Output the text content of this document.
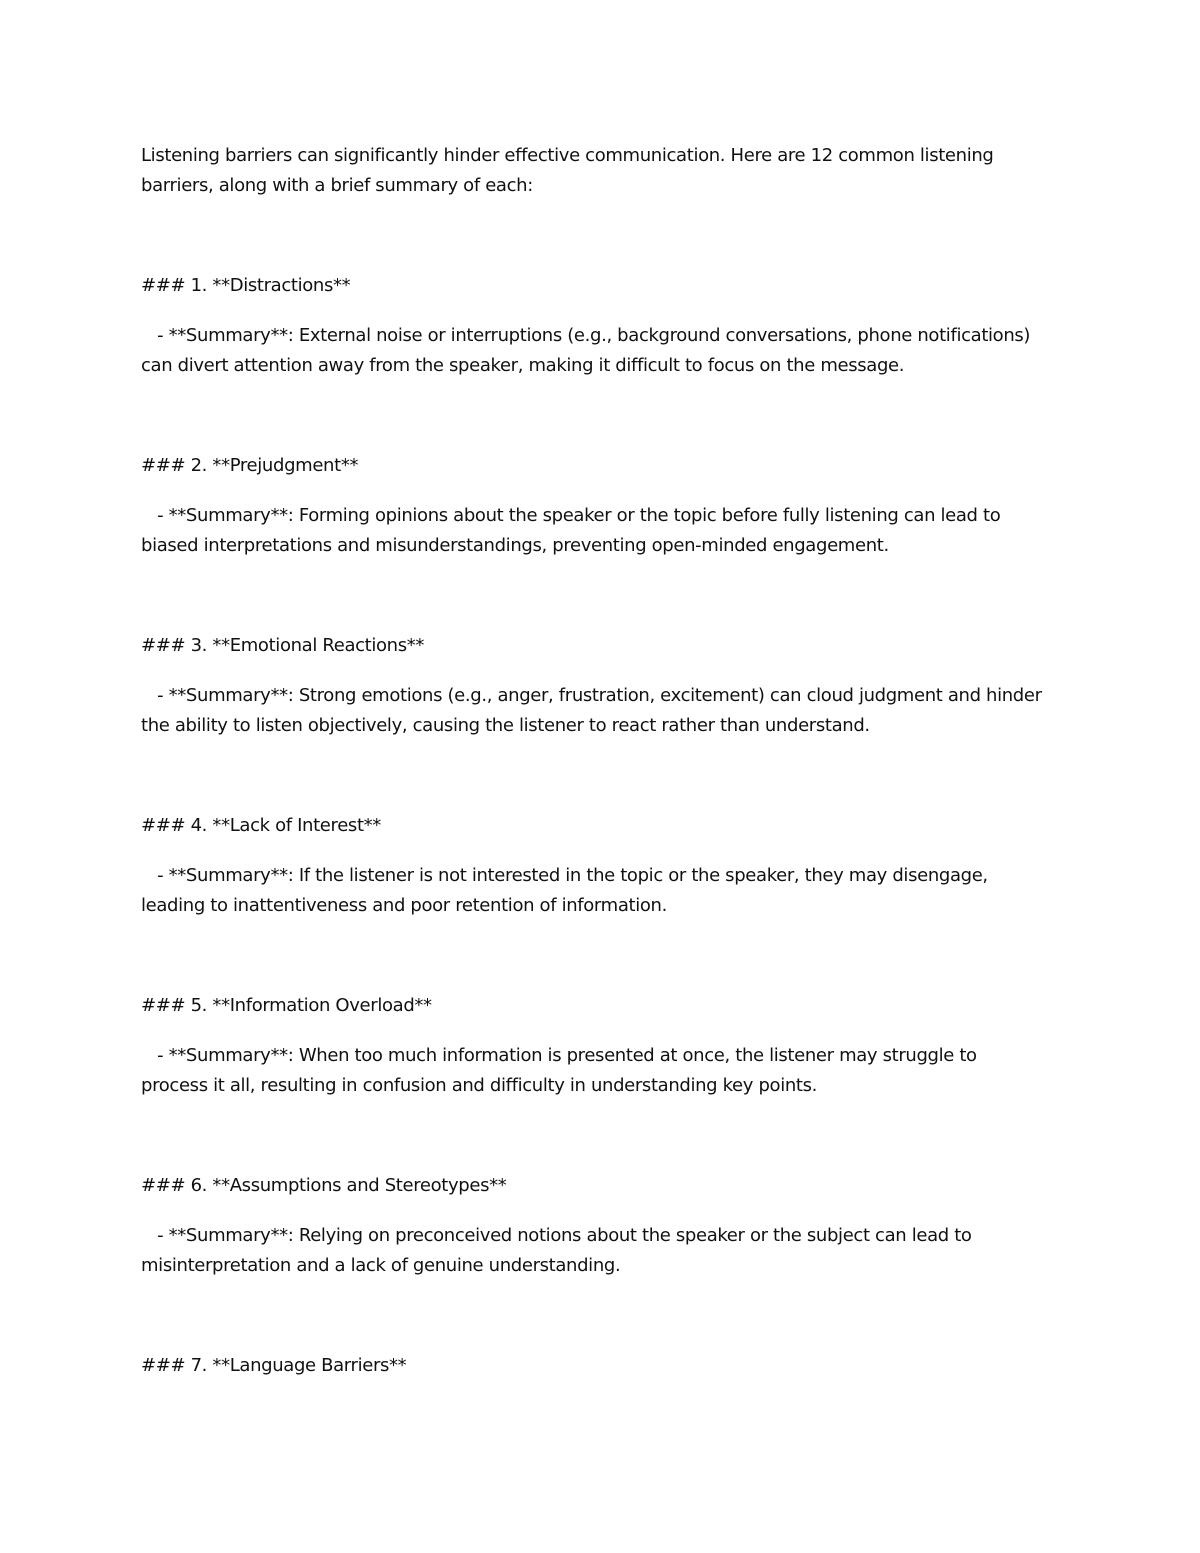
Listening barriers can significantly hinder effective communication. Here are 12 common listening
barriers, along with a brief summary of each:
### 1. **Distractions**
- **Summary**: External noise or interruptions (e.g., background conversations, phone notifications)
can divert attention away from the speaker, making it difficult to focus on the message.
### 2. **Prejudgment**
- **Summary**: Forming opinions about the speaker or the topic before fully listening can lead to
biased interpretations and misunderstandings, preventing open-minded engagement.
### 3. **Emotional Reactions**
- **Summary**: Strong emotions (e.g., anger, frustration, excitement) can cloud judgment and hinder
the ability to listen objectively, causing the listener to react rather than understand.
### 4. **Lack of Interest**
- **Summary**: If the listener is not interested in the topic or the speaker, they may disengage,
leading to inattentiveness and poor retention of information.
### 5. **Information Overload**
- **Summary**: When too much information is presented at once, the listener may struggle to
process it all, resulting in confusion and difficulty in understanding key points.
### 6. **Assumptions and Stereotypes**
- **Summary**: Relying on preconceived notions about the speaker or the subject can lead to
misinterpretation and a lack of genuine understanding.
### 7. **Language Barriers**
